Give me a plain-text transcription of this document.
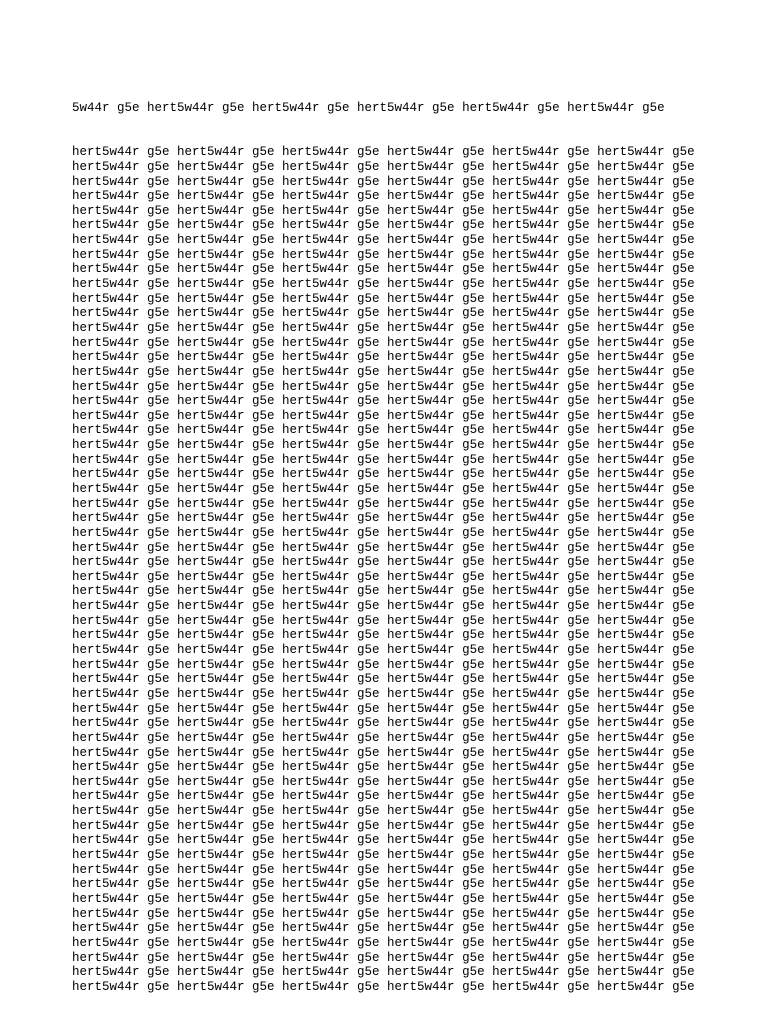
5w44r g5e hert5w44r g5e hert5w44r g5e hert5w44r g5e hert5w44r g5e hert5w44r g5e

hert5w44r g5e hert5w44r g5e hert5w44r g5e hert5w44r g5e hert5w44r g5e hert5w44r g5e
hert5w44r g5e hert5w44r g5e hert5w44r g5e hert5w44r g5e hert5w44r g5e hert5w44r g5e
hert5w44r g5e hert5w44r g5e hert5w44r g5e hert5w44r g5e hert5w44r g5e hert5w44r g5e
hert5w44r g5e hert5w44r g5e hert5w44r g5e hert5w44r g5e hert5w44r g5e hert5w44r g5e
hert5w44r g5e hert5w44r g5e hert5w44r g5e hert5w44r g5e hert5w44r g5e hert5w44r g5e
hert5w44r g5e hert5w44r g5e hert5w44r g5e hert5w44r g5e hert5w44r g5e hert5w44r g5e
hert5w44r g5e hert5w44r g5e hert5w44r g5e hert5w44r g5e hert5w44r g5e hert5w44r g5e
hert5w44r g5e hert5w44r g5e hert5w44r g5e hert5w44r g5e hert5w44r g5e hert5w44r g5e
hert5w44r g5e hert5w44r g5e hert5w44r g5e hert5w44r g5e hert5w44r g5e hert5w44r g5e
hert5w44r g5e hert5w44r g5e hert5w44r g5e hert5w44r g5e hert5w44r g5e hert5w44r g5e
hert5w44r g5e hert5w44r g5e hert5w44r g5e hert5w44r g5e hert5w44r g5e hert5w44r g5e
hert5w44r g5e hert5w44r g5e hert5w44r g5e hert5w44r g5e hert5w44r g5e hert5w44r g5e
hert5w44r g5e hert5w44r g5e hert5w44r g5e hert5w44r g5e hert5w44r g5e hert5w44r g5e
hert5w44r g5e hert5w44r g5e hert5w44r g5e hert5w44r g5e hert5w44r g5e hert5w44r g5e
hert5w44r g5e hert5w44r g5e hert5w44r g5e hert5w44r g5e hert5w44r g5e hert5w44r g5e
hert5w44r g5e hert5w44r g5e hert5w44r g5e hert5w44r g5e hert5w44r g5e hert5w44r g5e
hert5w44r g5e hert5w44r g5e hert5w44r g5e hert5w44r g5e hert5w44r g5e hert5w44r g5e
hert5w44r g5e hert5w44r g5e hert5w44r g5e hert5w44r g5e hert5w44r g5e hert5w44r g5e
hert5w44r g5e hert5w44r g5e hert5w44r g5e hert5w44r g5e hert5w44r g5e hert5w44r g5e
hert5w44r g5e hert5w44r g5e hert5w44r g5e hert5w44r g5e hert5w44r g5e hert5w44r g5e
hert5w44r g5e hert5w44r g5e hert5w44r g5e hert5w44r g5e hert5w44r g5e hert5w44r g5e
hert5w44r g5e hert5w44r g5e hert5w44r g5e hert5w44r g5e hert5w44r g5e hert5w44r g5e
hert5w44r g5e hert5w44r g5e hert5w44r g5e hert5w44r g5e hert5w44r g5e hert5w44r g5e
hert5w44r g5e hert5w44r g5e hert5w44r g5e hert5w44r g5e hert5w44r g5e hert5w44r g5e
hert5w44r g5e hert5w44r g5e hert5w44r g5e hert5w44r g5e hert5w44r g5e hert5w44r g5e
hert5w44r g5e hert5w44r g5e hert5w44r g5e hert5w44r g5e hert5w44r g5e hert5w44r g5e
hert5w44r g5e hert5w44r g5e hert5w44r g5e hert5w44r g5e hert5w44r g5e hert5w44r g5e
hert5w44r g5e hert5w44r g5e hert5w44r g5e hert5w44r g5e hert5w44r g5e hert5w44r g5e
hert5w44r g5e hert5w44r g5e hert5w44r g5e hert5w44r g5e hert5w44r g5e hert5w44r g5e
hert5w44r g5e hert5w44r g5e hert5w44r g5e hert5w44r g5e hert5w44r g5e hert5w44r g5e
hert5w44r g5e hert5w44r g5e hert5w44r g5e hert5w44r g5e hert5w44r g5e hert5w44r g5e
hert5w44r g5e hert5w44r g5e hert5w44r g5e hert5w44r g5e hert5w44r g5e hert5w44r g5e
hert5w44r g5e hert5w44r g5e hert5w44r g5e hert5w44r g5e hert5w44r g5e hert5w44r g5e
hert5w44r g5e hert5w44r g5e hert5w44r g5e hert5w44r g5e hert5w44r g5e hert5w44r g5e
hert5w44r g5e hert5w44r g5e hert5w44r g5e hert5w44r g5e hert5w44r g5e hert5w44r g5e
hert5w44r g5e hert5w44r g5e hert5w44r g5e hert5w44r g5e hert5w44r g5e hert5w44r g5e
hert5w44r g5e hert5w44r g5e hert5w44r g5e hert5w44r g5e hert5w44r g5e hert5w44r g5e
hert5w44r g5e hert5w44r g5e hert5w44r g5e hert5w44r g5e hert5w44r g5e hert5w44r g5e
hert5w44r g5e hert5w44r g5e hert5w44r g5e hert5w44r g5e hert5w44r g5e hert5w44r g5e
hert5w44r g5e hert5w44r g5e hert5w44r g5e hert5w44r g5e hert5w44r g5e hert5w44r g5e
hert5w44r g5e hert5w44r g5e hert5w44r g5e hert5w44r g5e hert5w44r g5e hert5w44r g5e
hert5w44r g5e hert5w44r g5e hert5w44r g5e hert5w44r g5e hert5w44r g5e hert5w44r g5e
hert5w44r g5e hert5w44r g5e hert5w44r g5e hert5w44r g5e hert5w44r g5e hert5w44r g5e
hert5w44r g5e hert5w44r g5e hert5w44r g5e hert5w44r g5e hert5w44r g5e hert5w44r g5e
hert5w44r g5e hert5w44r g5e hert5w44r g5e hert5w44r g5e hert5w44r g5e hert5w44r g5e
hert5w44r g5e hert5w44r g5e hert5w44r g5e hert5w44r g5e hert5w44r g5e hert5w44r g5e
hert5w44r g5e hert5w44r g5e hert5w44r g5e hert5w44r g5e hert5w44r g5e hert5w44r g5e
hert5w44r g5e hert5w44r g5e hert5w44r g5e hert5w44r g5e hert5w44r g5e hert5w44r g5e
hert5w44r g5e hert5w44r g5e hert5w44r g5e hert5w44r g5e hert5w44r g5e hert5w44r g5e
hert5w44r g5e hert5w44r g5e hert5w44r g5e hert5w44r g5e hert5w44r g5e hert5w44r g5e
hert5w44r g5e hert5w44r g5e hert5w44r g5e hert5w44r g5e hert5w44r g5e hert5w44r g5e
hert5w44r g5e hert5w44r g5e hert5w44r g5e hert5w44r g5e hert5w44r g5e hert5w44r g5e
hert5w44r g5e hert5w44r g5e hert5w44r g5e hert5w44r g5e hert5w44r g5e hert5w44r g5e
hert5w44r g5e hert5w44r g5e hert5w44r g5e hert5w44r g5e hert5w44r g5e hert5w44r g5e
hert5w44r g5e hert5w44r g5e hert5w44r g5e hert5w44r g5e hert5w44r g5e hert5w44r g5e
hert5w44r g5e hert5w44r g5e hert5w44r g5e hert5w44r g5e hert5w44r g5e hert5w44r g5e
hert5w44r g5e hert5w44r g5e hert5w44r g5e hert5w44r g5e hert5w44r g5e hert5w44r g5e
hert5w44r g5e hert5w44r g5e hert5w44r g5e hert5w44r g5e hert5w44r g5e hert5w44r g5e
